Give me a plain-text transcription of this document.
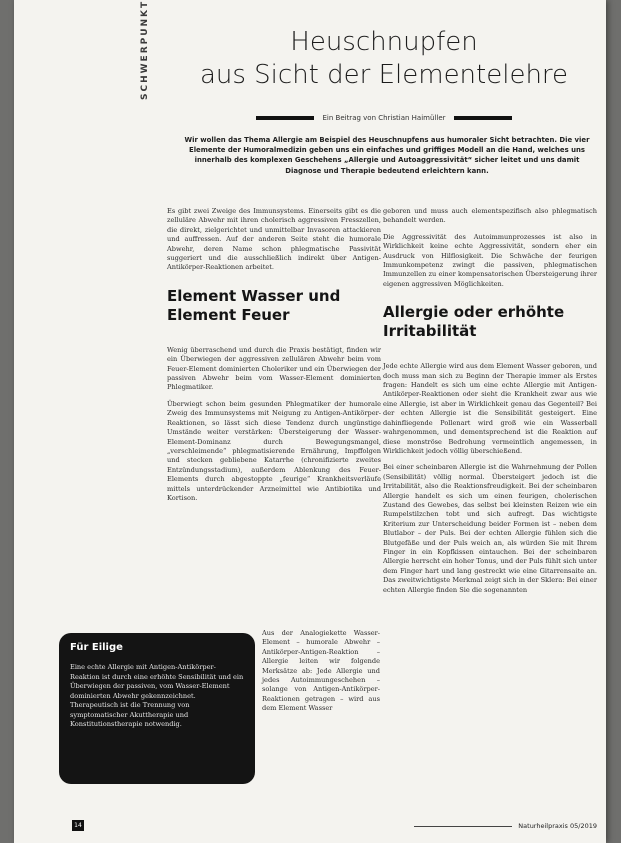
SCHWERPUNKT	Heuschnupfen
aus Sicht der Elementelehre
Ein Beitrag von Christian Haimüller
Wir wollen das Thema Allergie am Beispiel des Heuschnupfens aus humoraler Sicht betrachten. Die vier Elemente der Humoralmedizin geben uns ein einfaches und griffiges Modell an die Hand, welches uns innerhalb des komplexen Geschehens „Allergie und Autoaggressivität“ sicher leitet und uns damit Diagnose und Therapie bedeutend erleichtern kann.

Es gibt zwei Zweige des Immunsystems. Einerseits gibt es die zelluläre Abwehr mit ihren cholerisch aggressiven Fresszellen, die direkt, zielgerichtet und unmittelbar Invasoren attackieren und auffressen. Auf der anderen Seite steht die humorale Abwehr, deren Name schon phlegmatische Passivität suggeriert und die ausschließlich indirekt über Antigen-Antikörper-Reaktionen arbeitet.

Element Wasser und Element Feuer

Wenig überraschend und durch die Praxis bestätigt, finden wir ein Überwiegen der aggressiven zellulären Abwehr beim vom Feuer-Element dominierten Choleriker und ein Überwiegen der passiven Abwehr beim vom Wasser-Element dominierten Phlegmatiker.

Überwiegt schon beim gesunden Phlegmatiker der humorale Zweig des Immunsystems mit Neigung zu Antigen-Antikörper-Reaktionen, so lässt sich diese Tendenz durch ungünstige Umstände weiter verstärken: Übersteigerung der Wasser-Element-Dominanz durch Bewegungsmangel, „verschleimende“ phlegmatisierende Ernährung, Impffolgen und stecken gebliebene Katarrhe (chronifizierte zweites Entzündungsstadium), außerdem Ablenkung des Feuer-Elements durch abgestoppte „feurige“ Krankheitsverläufe mittels unterdrückender Arzneimittel wie Antibiotika und Kortison.

Aus der Analogiekette Wasser-Element – humorale Abwehr – Antikörper-Antigen-Reaktion – Allergie leiten wir folgende Merksätze ab: Jede Allergie und jedes Autoimmungeschehen – solange von Antigen-Antikörper-Reaktionen getragen – wird aus dem Element Wasser

geboren und muss auch elementspezifisch also phlegmatisch behandelt werden.

Die Aggressivität des Autoimmunprozesses ist also in Wirklichkeit keine echte Aggressivität, sondern eher ein Ausdruck von Hilflosigkeit. Die Schwäche der feurigen Immunkompetenz zwingt die passiven, phlegmatischen Immunzellen zu einer kompensatorischen Übersteigerung ihrer eigenen aggressiven Möglichkeiten.

Allergie oder erhöhte Irritabilität

Jede echte Allergie wird aus dem Element Wasser geboren, und doch muss man sich zu Beginn der Therapie immer als Erstes fragen: Handelt es sich um eine echte Allergie mit Antigen-Antikörper-Reaktionen oder sieht die Krankheit zwar aus wie eine Allergie, ist aber in Wirklichkeit genau das Gegenteil? Bei der echten Allergie ist die Sensibilität gesteigert. Eine dahinfliegende Pollenart wird groß wie ein Wasserball wahrgenommen, und dementsprechend ist die Reaktion auf diese monströse Bedrohung vermeintlich angemessen, in Wirklichkeit jedoch völlig überschießend.

Bei einer scheinbaren Allergie ist die Wahrnehmung der Pollen (Sensibilität) völlig normal. Übersteigert jedoch ist die Irritabilität, also die Reaktionsfreudigkeit. Bei der scheinbaren Allergie handelt es sich um einen feurigen, cholerischen Zustand des Gewebes, das selbst bei kleinsten Reizen wie ein Rumpelstilzchen tobt und sich aufregt. Das wichtigste Kriterium zur Unterscheidung beider Formen ist – neben dem Blutlabor – der Puls. Bei der echten Allergie fühlen sich die Blutgefäße und der Puls weich an, als würden Sie mit Ihrem Finger in ein Kopfkissen eintauchen. Bei der scheinbaren Allergie herrscht ein hoher Tonus, und der Puls fühlt sich unter dem Finger hart und lang gestreckt wie eine Gitarrensaite an. Das zweitwichtigste Merkmal zeigt sich in der Sklera: Bei einer echten Allergie finden Sie die sogenannten

Für Eilige

Eine echte Allergie mit Antigen-Antikörper-Reaktion ist durch eine erhöhte Sensibilität und ein Überwiegen der passiven, vom Wasser-Element dominierten Abwehr gekennzeichnet. Therapeutisch ist die Trennung von symptomatischer Akuttherapie und Konstitutionstherapie notwendig.

14	Naturheilpraxis 05/2019
